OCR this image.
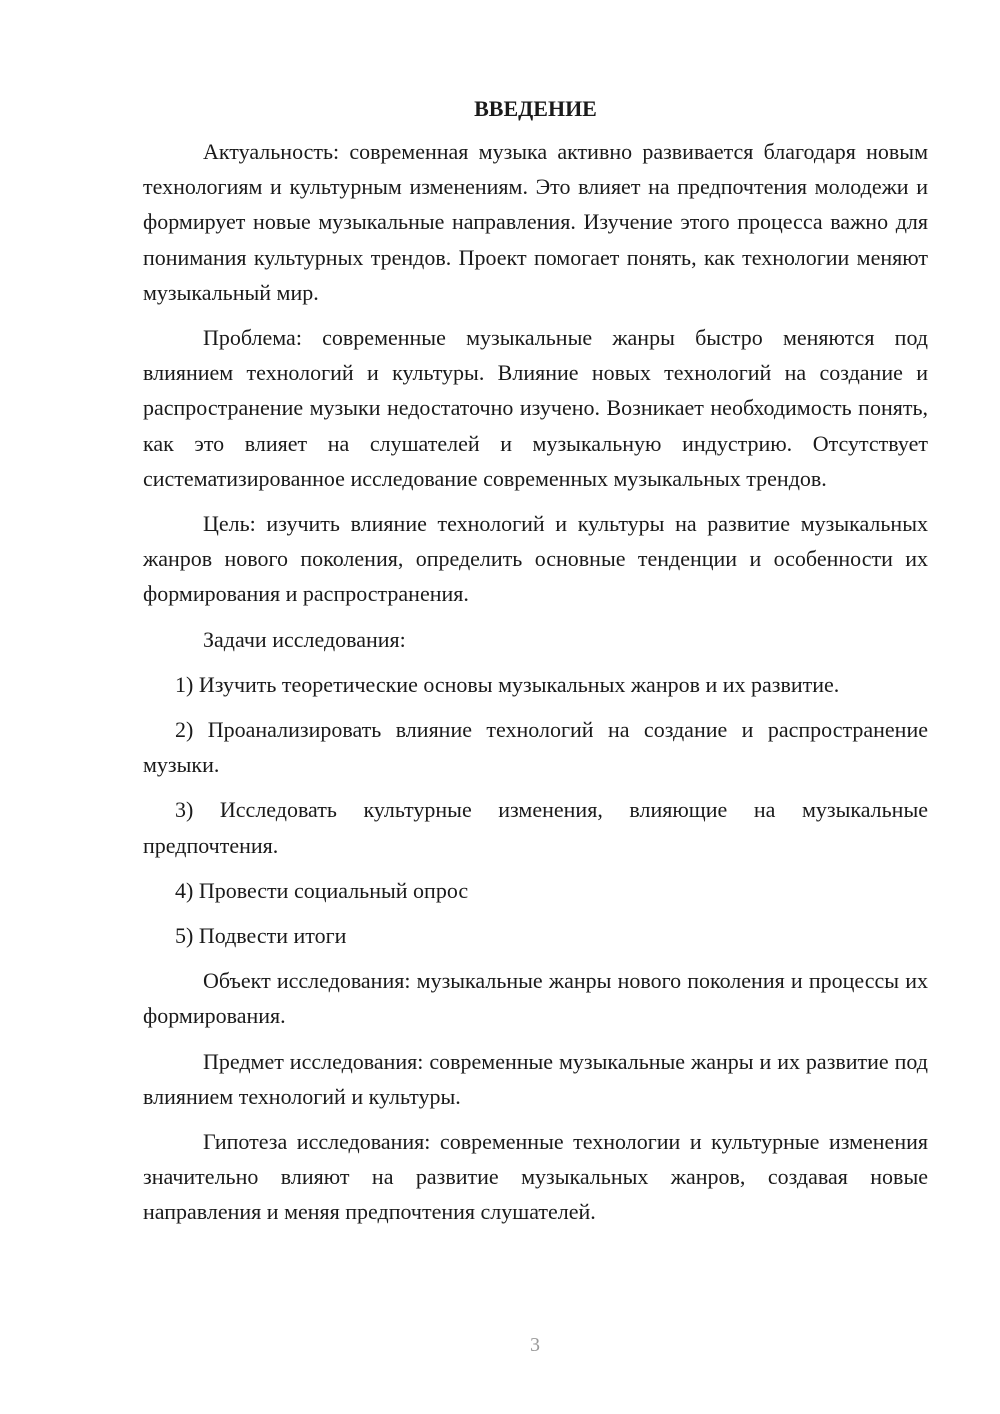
ВВЕДЕНИЕ

Актуальность: современная музыка активно развивается благодаря новым технологиям и культурным изменениям. Это влияет на предпочтения молодежи и формирует новые музыкальные направления. Изучение этого процесса важно для понимания культурных трендов. Проект помогает понять, как технологии меняют музыкальный мир.

Проблема: современные музыкальные жанры быстро меняются под влиянием технологий и культуры. Влияние новых технологий на создание и распространение музыки недостаточно изучено. Возникает необходимость понять, как это влияет на слушателей и музыкальную индустрию. Отсутствует систематизированное исследование современных музыкальных трендов.

Цель: изучить влияние технологий и культуры на развитие музыкальных жанров нового поколения, определить основные тенденции и особенности их формирования и распространения.

Задачи исследования:

1) Изучить теоретические основы музыкальных жанров и их развитие.

2) Проанализировать влияние технологий на создание и распространение музыки.

3) Исследовать культурные изменения, влияющие на музыкальные предпочтения.

4) Провести социальный опрос

5) Подвести итоги

Объект исследования: музыкальные жанры нового поколения и процессы их формирования.

Предмет исследования: современные музыкальные жанры и их развитие под влиянием технологий и культуры.

Гипотеза исследования: современные технологии и культурные изменения значительно влияют на развитие музыкальных жанров, создавая новые направления и меняя предпочтения слушателей.

3
